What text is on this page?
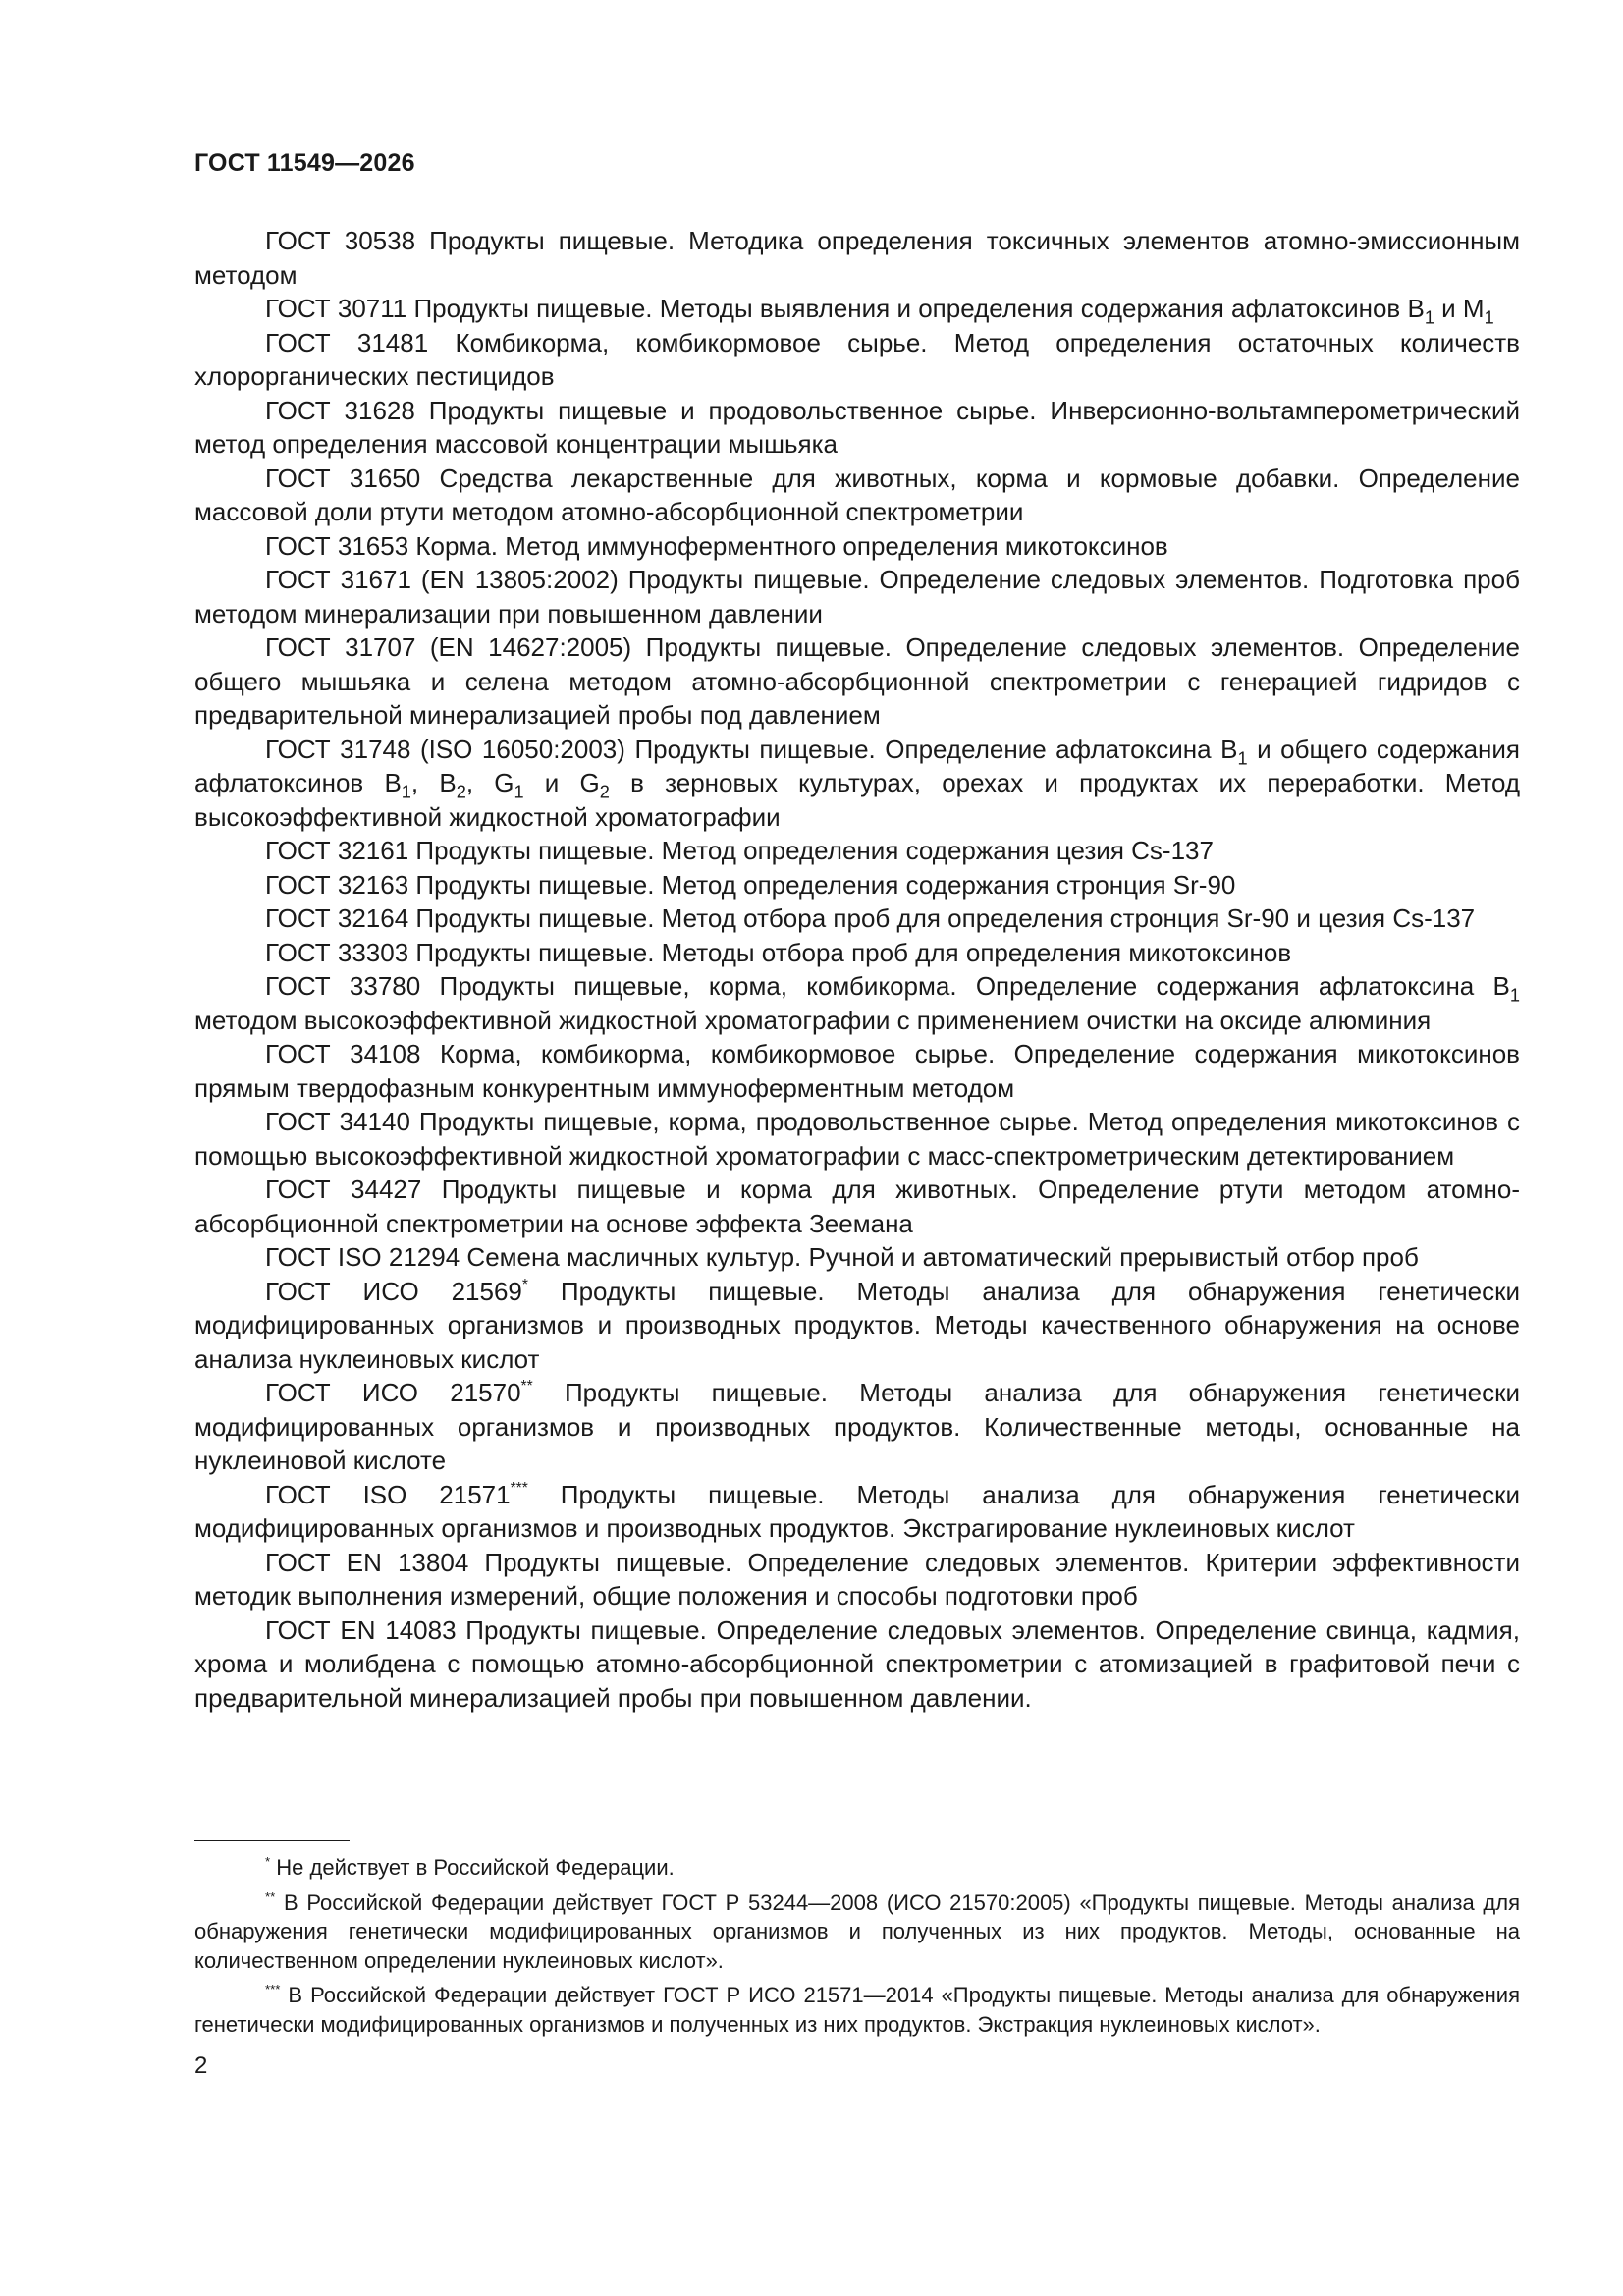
ГОСТ 11549—2026

ГОСТ 30538 Продукты пищевые. Методика определения токсичных элементов атомно-эмиссионным методом

ГОСТ 30711 Продукты пищевые. Методы выявления и определения содержания афлатоксинов $B_1$ и $M_1$

ГОСТ 31481 Комбикорма, комбикормовое сырье. Метод определения остаточных количеств хлорорганических пестицидов

ГОСТ 31628 Продукты пищевые и продовольственное сырье. Инверсионно-вольтамперометрический метод определения массовой концентрации мышьяка

ГОСТ 31650 Средства лекарственные для животных, корма и кормовые добавки. Определение массовой доли ртути методом атомно-абсорбционной спектрометрии

ГОСТ 31653 Корма. Метод иммуноферментного определения микотоксинов

ГОСТ 31671 (EN 13805:2002) Продукты пищевые. Определение следовых элементов. Подготовка проб методом минерализации при повышенном давлении

ГОСТ 31707 (EN 14627:2005) Продукты пищевые. Определение следовых элементов. Определение общего мышьяка и селена методом атомно-абсорбционной спектрометрии с генерацией гидридов с предварительной минерализацией пробы под давлением

ГОСТ 31748 (ISO 16050:2003) Продукты пищевые. Определение афлатоксина $B_1$ и общего содержания афлатоксинов $B_1$, $B_2$, $G_1$ и $G_2$ в зерновых культурах, орехах и продуктах их переработки. Метод высокоэффективной жидкостной хроматографии

ГОСТ 32161 Продукты пищевые. Метод определения содержания цезия Cs-137

ГОСТ 32163 Продукты пищевые. Метод определения содержания стронция Sr-90

ГОСТ 32164 Продукты пищевые. Метод отбора проб для определения стронция Sr-90 и цезия Cs-137

ГОСТ 33303 Продукты пищевые. Методы отбора проб для определения микотоксинов

ГОСТ 33780 Продукты пищевые, корма, комбикорма. Определение содержания афлатоксина $B_1$ методом высокоэффективной жидкостной хроматографии с применением очистки на оксиде алюминия

ГОСТ 34108 Корма, комбикорма, комбикормовое сырье. Определение содержания микотоксинов прямым твердофазным конкурентным иммуноферментным методом

ГОСТ 34140 Продукты пищевые, корма, продовольственное сырье. Метод определения микотоксинов с помощью высокоэффективной жидкостной хроматографии с масс-спектрометрическим детектированием

ГОСТ 34427 Продукты пищевые и корма для животных. Определение ртути методом атомно-абсорбционной спектрометрии на основе эффекта Зеемана

ГОСТ ISO 21294 Семена масличных культур. Ручной и автоматический прерывистый отбор проб

ГОСТ ИСО 21569* Продукты пищевые. Методы анализа для обнаружения генетически модифицированных организмов и производных продуктов. Методы качественного обнаружения на основе анализа нуклеиновых кислот

ГОСТ ИСО 21570** Продукты пищевые. Методы анализа для обнаружения генетически модифицированных организмов и производных продуктов. Количественные методы, основанные на нуклеиновой кислоте

ГОСТ ISO 21571*** Продукты пищевые. Методы анализа для обнаружения генетически модифицированных организмов и производных продуктов. Экстрагирование нуклеиновых кислот

ГОСТ EN 13804 Продукты пищевые. Определение следовых элементов. Критерии эффективности методик выполнения измерений, общие положения и способы подготовки проб

ГОСТ EN 14083 Продукты пищевые. Определение следовых элементов. Определение свинца, кадмия, хрома и молибдена с помощью атомно-абсорбционной спектрометрии с атомизацией в графитовой печи с предварительной минерализацией пробы при повышенном давлении.

* Не действует в Российской Федерации.

** В Российской Федерации действует ГОСТ Р 53244—2008 (ИСО 21570:2005) «Продукты пищевые. Методы анализа для обнаружения генетически модифицированных организмов и полученных из них продуктов. Методы, основанные на количественном определении нуклеиновых кислот».

*** В Российской Федерации действует ГОСТ Р ИСО 21571—2014 «Продукты пищевые. Методы анализа для обнаружения генетически модифицированных организмов и полученных из них продуктов. Экстракция нуклеиновых кислот».

2
